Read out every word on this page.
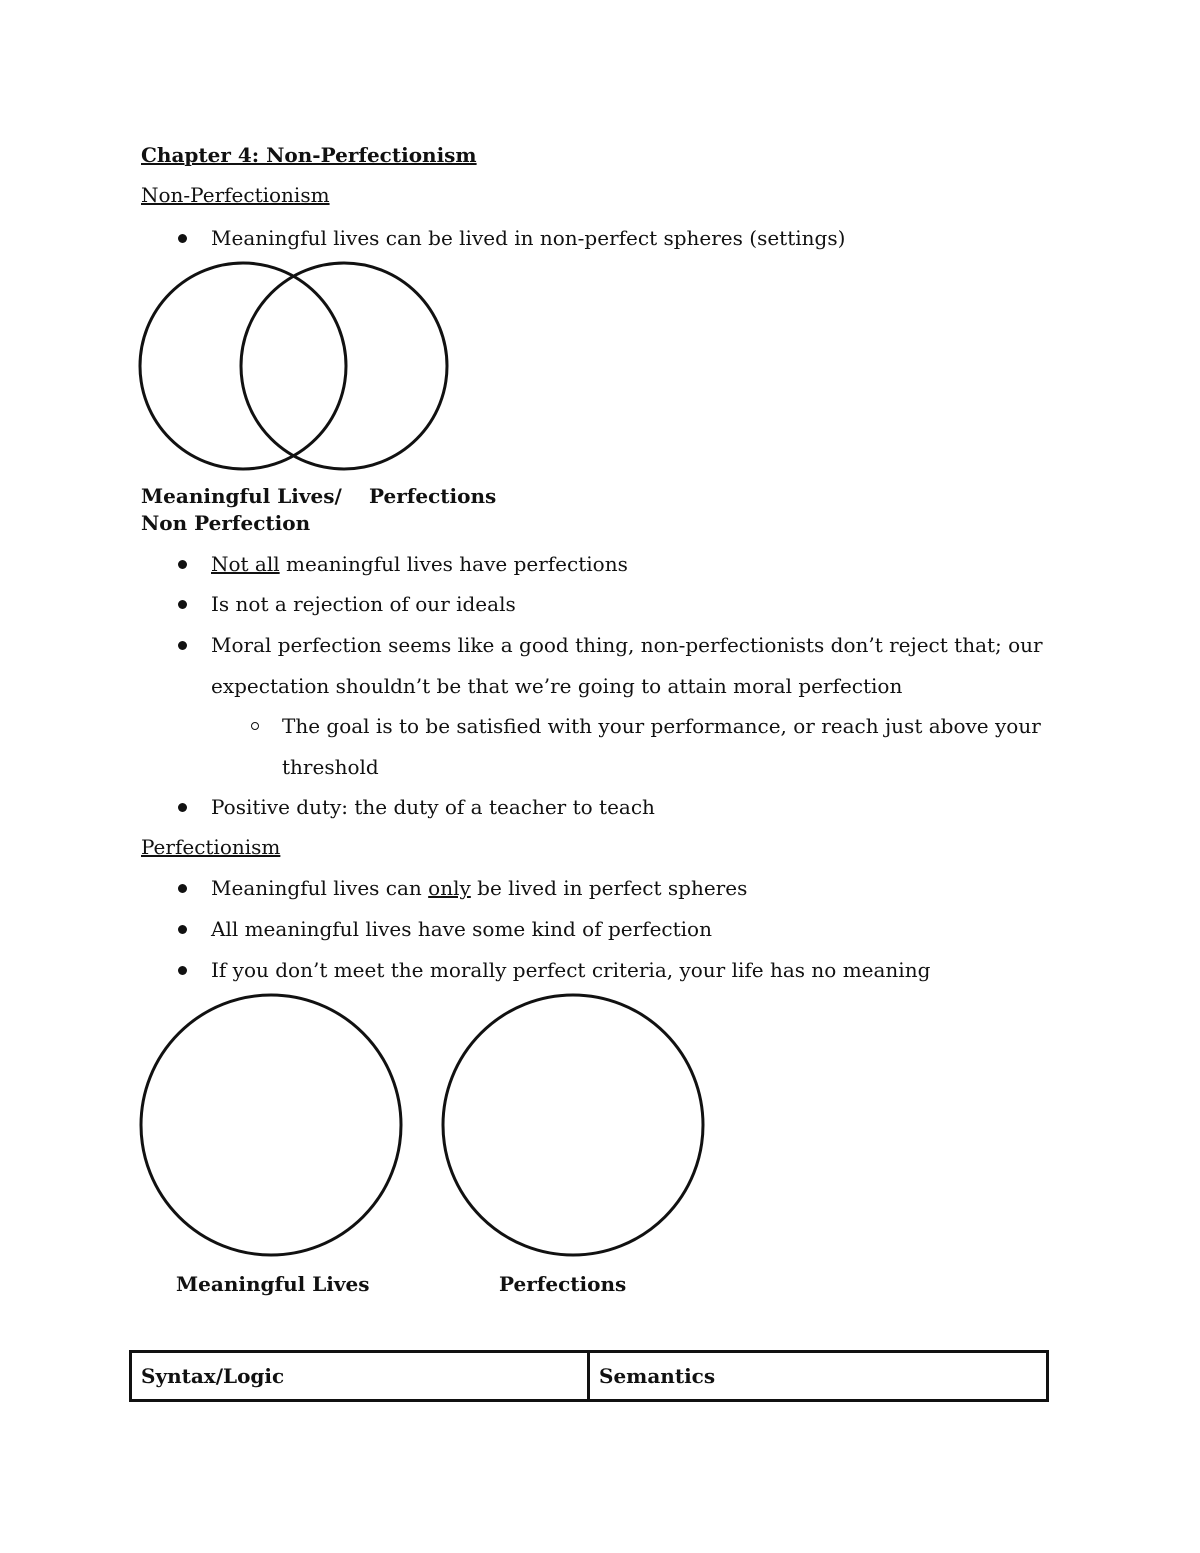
Chapter 4: Non-Perfectionism
Non-Perfectionism
Meaningful lives can be lived in non-perfect spheres (settings)
Meaningful Lives/
Non Perfection
Perfections
Not all meaningful lives have perfections
Is not a rejection of our ideals
Moral perfection seems like a good thing, non-perfectionists don’t reject that; our
expectation shouldn’t be that we’re going to attain moral perfection
The goal is to be satisfied with your performance, or reach just above your
threshold
Positive duty: the duty of a teacher to teach
Perfectionism
Meaningful lives can only be lived in perfect spheres
All meaningful lives have some kind of perfection
If you don’t meet the morally perfect criteria, your life has no meaning
Meaningful Lives	Perfections
Syntax/Logic	Semantics
